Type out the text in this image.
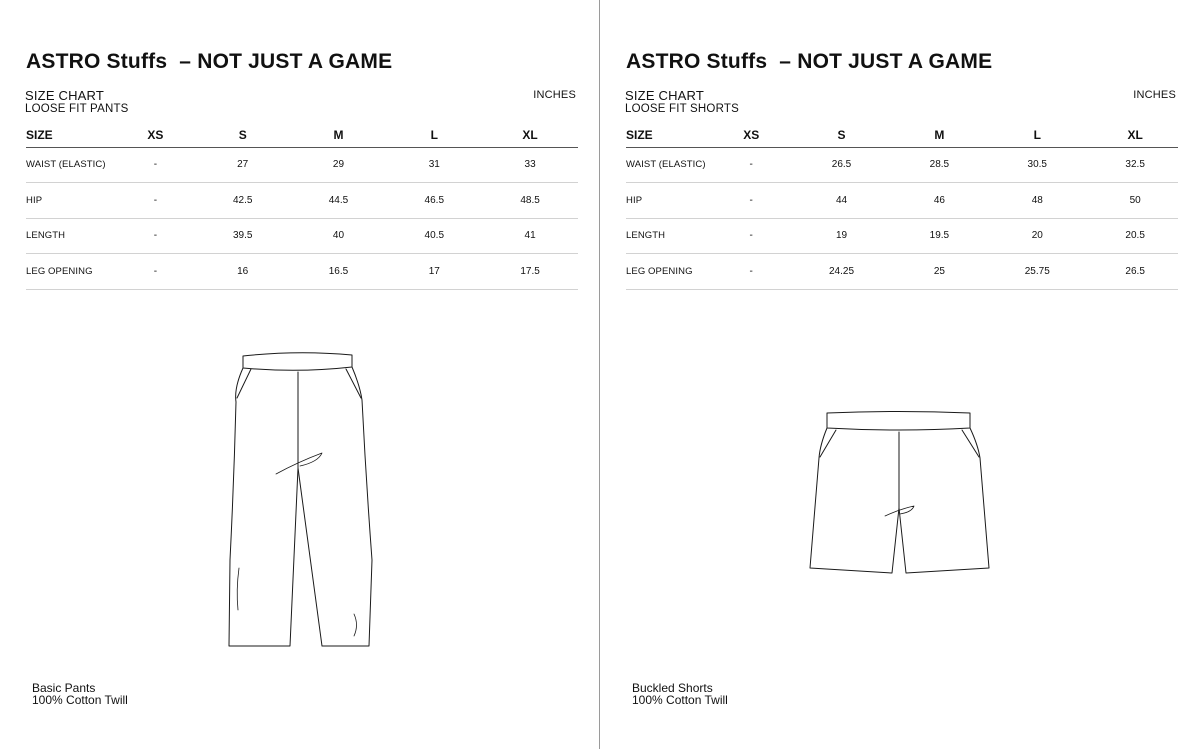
ASTRO Stuffs  – NOT JUST A GAME
SIZE CHART
LOOSE FIT PANTS
INCHES
SIZE	XS	S	M	L	XL
WAIST (ELASTIC)	-	27	29	31	33
HIP	-	42.5	44.5	46.5	48.5
LENGTH	-	39.5	40	40.5	41
LEG OPENING	-	16	16.5	17	17.5
Basic Pants
100% Cotton Twill
ASTRO Stuffs  – NOT JUST A GAME
SIZE CHART
LOOSE FIT SHORTS
INCHES
SIZE	XS	S	M	L	XL
WAIST (ELASTIC)	-	26.5	28.5	30.5	32.5
HIP	-	44	46	48	50
LENGTH	-	19	19.5	20	20.5
LEG OPENING	-	24.25	25	25.75	26.5
Buckled Shorts
100% Cotton Twill
